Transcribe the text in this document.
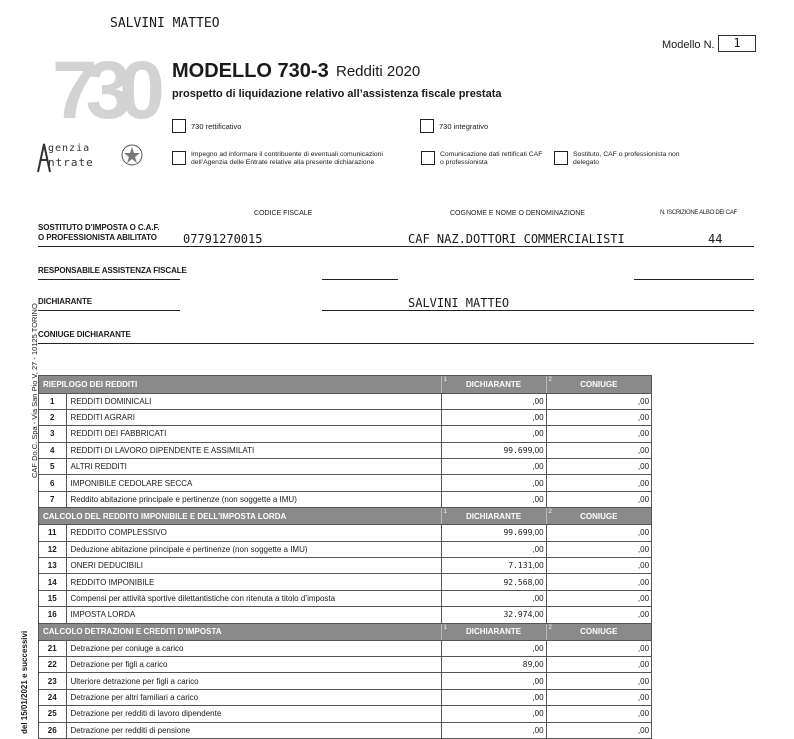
SALVINI MATTEO
Modello N.	1
730
genzia
ntrate
MODELLO 730-3 Redditi 2020
prospetto di liquidazione relativo all’assistenza fiscale prestata
730 rettificativo	730 integrativo
Impegno ad informare il contribuente di eventuali comunicazioni dell’Agenzia delle Entrate relative alla presente dichiarazione
Comunicazione dati rettificati CAF o professionista
Sostituto, CAF o professionista non delegato
CODICE FISCALE	COGNOME E NOME O DENOMINAZIONE	N. ISCRIZIONE ALBO DEI CAF
SOSTITUTO D’IMPOSTA O C.A.F.
O PROFESSIONISTA ABILITATO 07791270015	CAF NAZ.DOTTORI COMMERCIALISTI	44
RESPONSABILE ASSISTENZA FISCALE
DICHIARANTE	SALVINI MATTEO
CONIUGE DICHIARANTE
CAF Do.C. Spa - Via San Pio V, 27 - 10125 TORINO
del 15/01/2021 e successivi
RIEPILOGO DEI REDDITI		1 DICHIARANTE	2 CONIUGE
1	REDDITI DOMINICALI	,00	,00
2	REDDITI AGRARI	,00	,00
3	REDDITI DEI FABBRICATI	,00	,00
4	REDDITI DI LAVORO DIPENDENTE E ASSIMILATI	99.699,00	,00
5	ALTRI REDDITI	,00	,00
6	IMPONIBILE CEDOLARE SECCA	,00	,00
7	Reddito abitazione principale e pertinenze (non soggette a IMU)	,00	,00
CALCOLO DEL REDDITO IMPONIBILE E DELL’IMPOSTA LORDA		1 DICHIARANTE	2 CONIUGE
11	REDDITO COMPLESSIVO	99.699,00	,00
12	Deduzione abitazione principale e pertinenze (non soggette a IMU)	,00	,00
13	ONERI DEDUCIBILI	7.131,00	,00
14	REDDITO IMPONIBILE	92.568,00	,00
15	Compensi per attività sportive dilettantistiche con ritenuta a titolo d’imposta	,00	,00
16	IMPOSTA LORDA	32.974,00	,00
CALCOLO DETRAZIONI E CREDITI D’IMPOSTA		1 DICHIARANTE	2 CONIUGE
21	Detrazione per coniuge a carico	,00	,00
22	Detrazione per figli a carico	89,00	,00
23	Ulteriore detrazione per figli a carico	,00	,00
24	Detrazione per altri familiari a carico	,00	,00
25	Detrazione per redditi di lavoro dipendente	,00	,00
26	Detrazione per redditi di pensione	,00	,00
